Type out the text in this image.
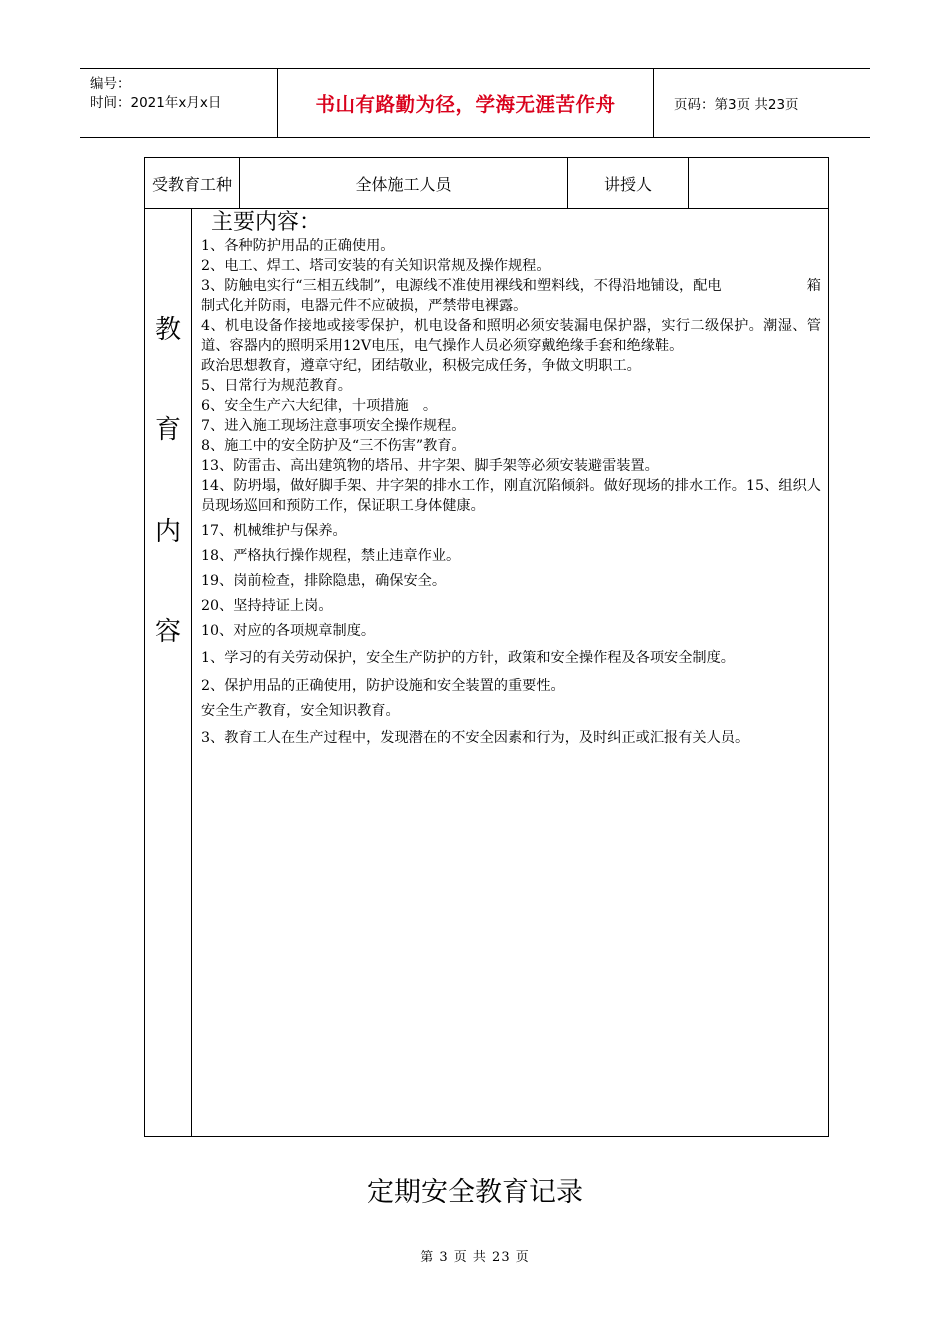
编号：
时间：2021年x月x日	书山有路勤为径，学海无涯苦作舟	页码：第3页 共23页
受教育工种	全体施工人员	讲授人
教
育
内
容
主要内容：

1、各种防护用品的正确使用。

2、电工、焊工、塔司安装的有关知识常规及操作规程。

3、防触电实行“三相五线制”，电源线不准使用裸线和塑料线，不得沿地铺设，配电　　　　　　箱制式化并防雨，电器元件不应破损，严禁带电裸露。

4、机电设备作接地或接零保护，机电设备和照明必须安装漏电保护器，实行二级保护。潮湿、管道、容器内的照明采用12V电压，电气操作人员必须穿戴绝缘手套和绝缘鞋。

政治思想教育，遵章守纪，团结敬业，积极完成任务，争做文明职工。

5、日常行为规范教育。

6、安全生产六大纪律，十项措施　。

7、进入施工现场注意事项安全操作规程。

8、施工中的安全防护及“三不伤害”教育。

13、防雷击、高出建筑物的塔吊、井字架、脚手架等必须安装避雷装置。

14、防坍塌，做好脚手架、井字架的排水工作，刚直沉陷倾斜。做好现场的排水工作。15、组织人员现场巡回和预防工作，保证职工身体健康。

17、机械维护与保养。

18、严格执行操作规程，禁止违章作业。

19、岗前检查，排除隐患，确保安全。

20、坚持持证上岗。

10、对应的各项规章制度。

1、学习的有关劳动保护，安全生产防护的方针，政策和安全操作程及各项安全制度。

2、保护用品的正确使用，防护设施和安全装置的重要性。

安全生产教育，安全知识教育。

3、教育工人在生产过程中，发现潜在的不安全因素和行为，及时纠正或汇报有关人员。

定期安全教育记录
第 3 页 共 23 页
